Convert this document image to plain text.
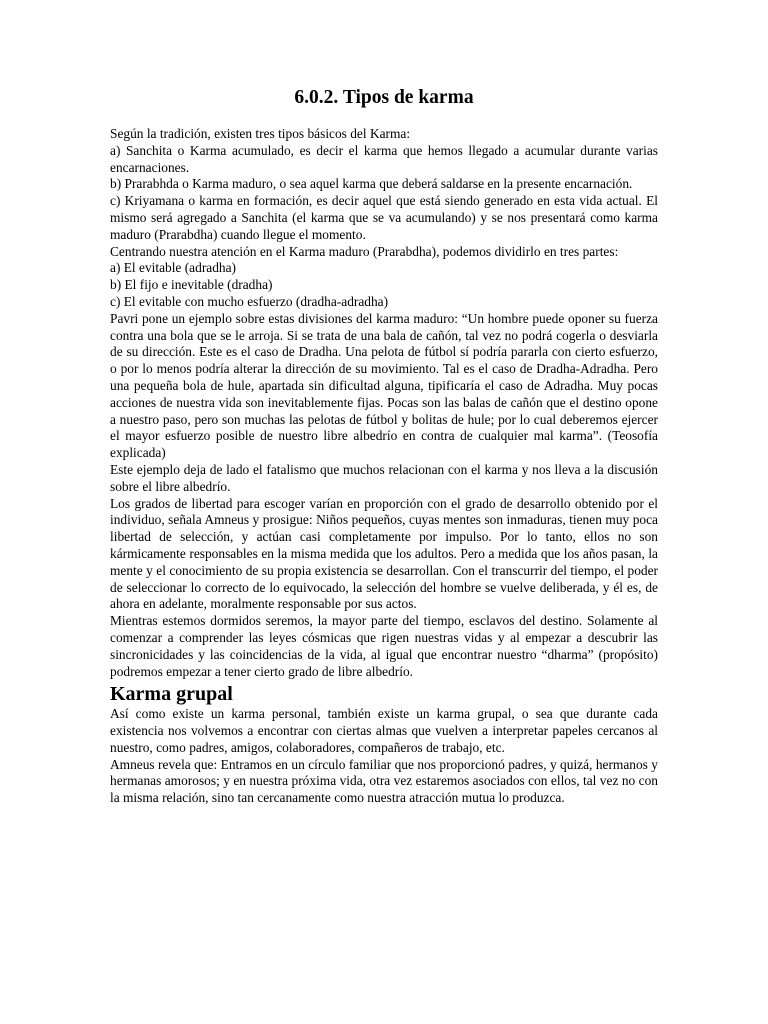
6.0.2. Tipos de karma

Según la tradición, existen tres tipos básicos del Karma:

a) Sanchita o Karma acumulado, es decir el karma que hemos llegado a acumular durante varias encarnaciones.

b) Prarabhda o Karma maduro, o sea aquel karma que deberá saldarse en la presente encarnación.

c) Kriyamana o karma en formación, es decir aquel que está siendo generado en esta vida actual. El mismo será agregado a Sanchita (el karma que se va acumulando) y se nos presentará como karma maduro (Prarabdha) cuando llegue el momento.

Centrando nuestra atención en el Karma maduro (Prarabdha), podemos dividirlo en tres partes:

a) El evitable (adradha)

b) El fijo e inevitable (dradha)

c) El evitable con mucho esfuerzo (dradha-adradha)

Pavri pone un ejemplo sobre estas divisiones del karma maduro: “Un hombre puede oponer su fuerza contra una bola que se le arroja. Si se trata de una bala de cañón, tal vez no podrá cogerla o desviarla de su dirección. Este es el caso de Dradha. Una pelota de fútbol sí podría pararla con cierto esfuerzo, o por lo menos podría alterar la dirección de su movimiento. Tal es el caso de Dradha-Adradha. Pero una pequeña bola de hule, apartada sin dificultad alguna, tipificaría el caso de Adradha. Muy pocas acciones de nuestra vida son inevitablemente fijas. Pocas son las balas de cañón que el destino opone a nuestro paso, pero son muchas las pelotas de fútbol y bolitas de hule; por lo cual deberemos ejercer el mayor esfuerzo posible de nuestro libre albedrío en contra de cualquier mal karma”. (Teosofía explicada)

Este ejemplo deja de lado el fatalismo que muchos relacionan con el karma y nos lleva a la discusión sobre el libre albedrío.

Los grados de libertad para escoger varían en proporción con el grado de desarrollo obtenido por el individuo, señala Amneus y prosigue: Niños pequeños, cuyas mentes son inmaduras, tienen muy poca libertad de selección, y actúan casi completamente por impulso. Por lo tanto, ellos no son kármicamente responsables en la misma medida que los adultos. Pero a medida que los años pasan, la mente y el conocimiento de su propia existencia se desarrollan. Con el transcurrir del tiempo, el poder de seleccionar lo correcto de lo equivocado, la selección del hombre se vuelve deliberada, y él es, de ahora en adelante, moralmente responsable por sus actos.

Mientras estemos dormidos seremos, la mayor parte del tiempo, esclavos del destino. Solamente al comenzar a comprender las leyes cósmicas que rigen nuestras vidas y al empezar a descubrir las sincronicidades y las coincidencias de la vida, al igual que encontrar nuestro “dharma” (propósito) podremos empezar a tener cierto grado de libre albedrío.

Karma grupal

Así como existe un karma personal, también existe un karma grupal, o sea que durante cada existencia nos volvemos a encontrar con ciertas almas que vuelven a interpretar papeles cercanos al nuestro, como padres, amigos, colaboradores, compañeros de trabajo, etc.

Amneus revela que: Entramos en un círculo familiar que nos proporcionó padres, y quizá, hermanos y hermanas amorosos; y en nuestra próxima vida, otra vez estaremos asociados con ellos, tal vez no con la misma relación, sino tan cercanamente como nuestra atracción mutua lo produzca.
